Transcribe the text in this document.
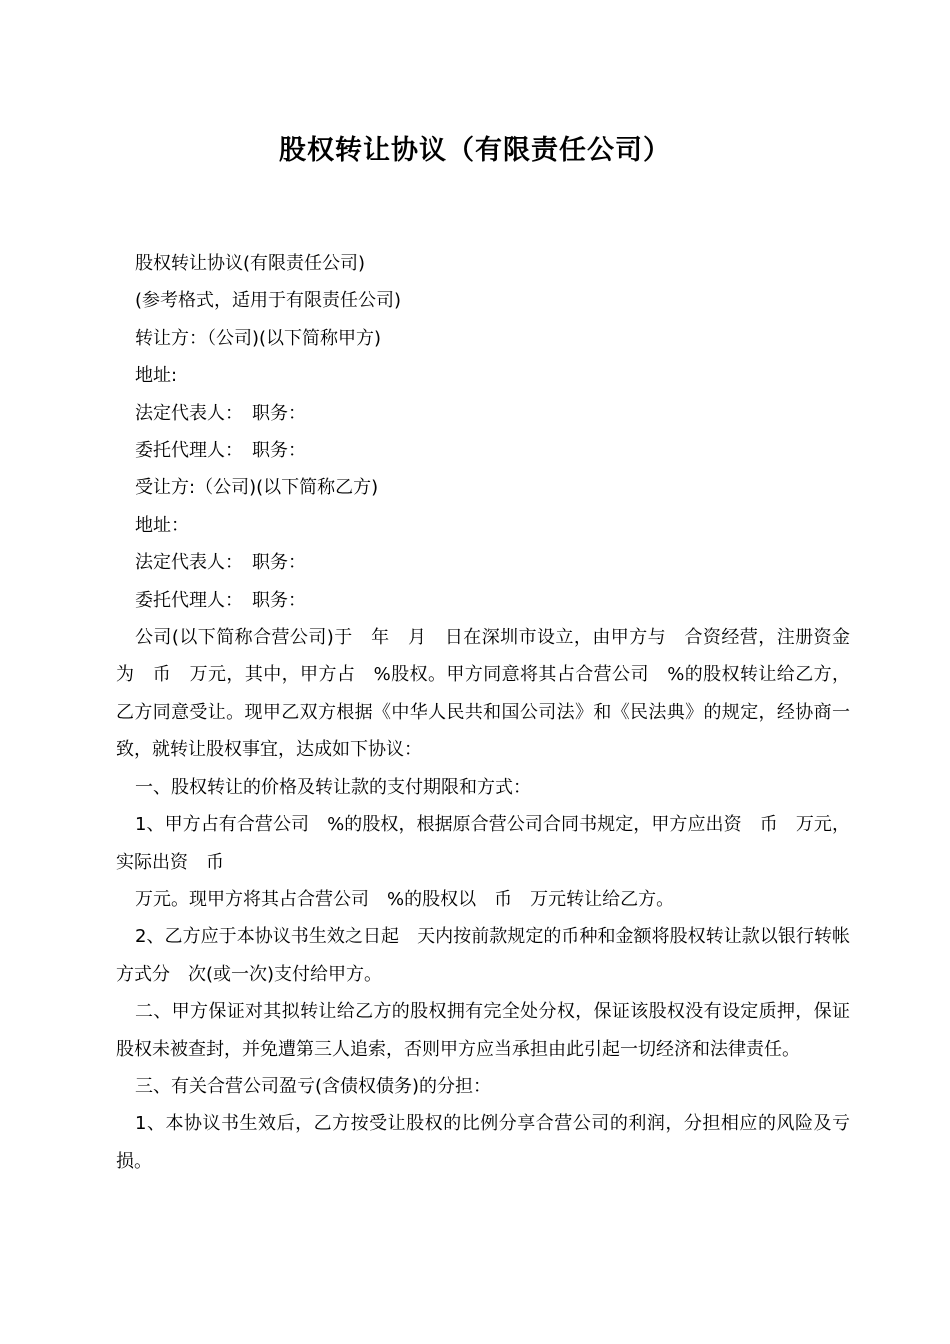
股权转让协议（有限责任公司）

股权转让协议(有限责任公司)

(参考格式，适用于有限责任公司)

转让方：（公司)(以下简称甲方)

地址:

法定代表人：　职务：

委托代理人：　职务：

受让方:（公司)(以下简称乙方)

地址：

法定代表人：　职务：

委托代理人：　职务：

公司(以下简称合营公司)于　年　月　日在深圳市设立，由甲方与　合资经营，注册资金为　币　万元，其中，甲方占　%股权。甲方同意将其占合营公司　%的股权转让给乙方，乙方同意受让。现甲乙双方根据《中华人民共和国公司法》和《民法典》的规定，经协商一致，就转让股权事宜，达成如下协议：

一、股权转让的价格及转让款的支付期限和方式：

1、甲方占有合营公司　%的股权，根据原合营公司合同书规定，甲方应出资　币　万元，实际出资　币

万元。现甲方将其占合营公司　%的股权以　币　万元转让给乙方。

2、乙方应于本协议书生效之日起　天内按前款规定的币种和金额将股权转让款以银行转帐方式分　次(或一次)支付给甲方。

二、甲方保证对其拟转让给乙方的股权拥有完全处分权，保证该股权没有设定质押，保证股权未被查封，并免遭第三人追索，否则甲方应当承担由此引起一切经济和法律责任。

三、有关合营公司盈亏(含债权债务)的分担：

1、本协议书生效后，乙方按受让股权的比例分享合营公司的利润，分担相应的风险及亏损。
